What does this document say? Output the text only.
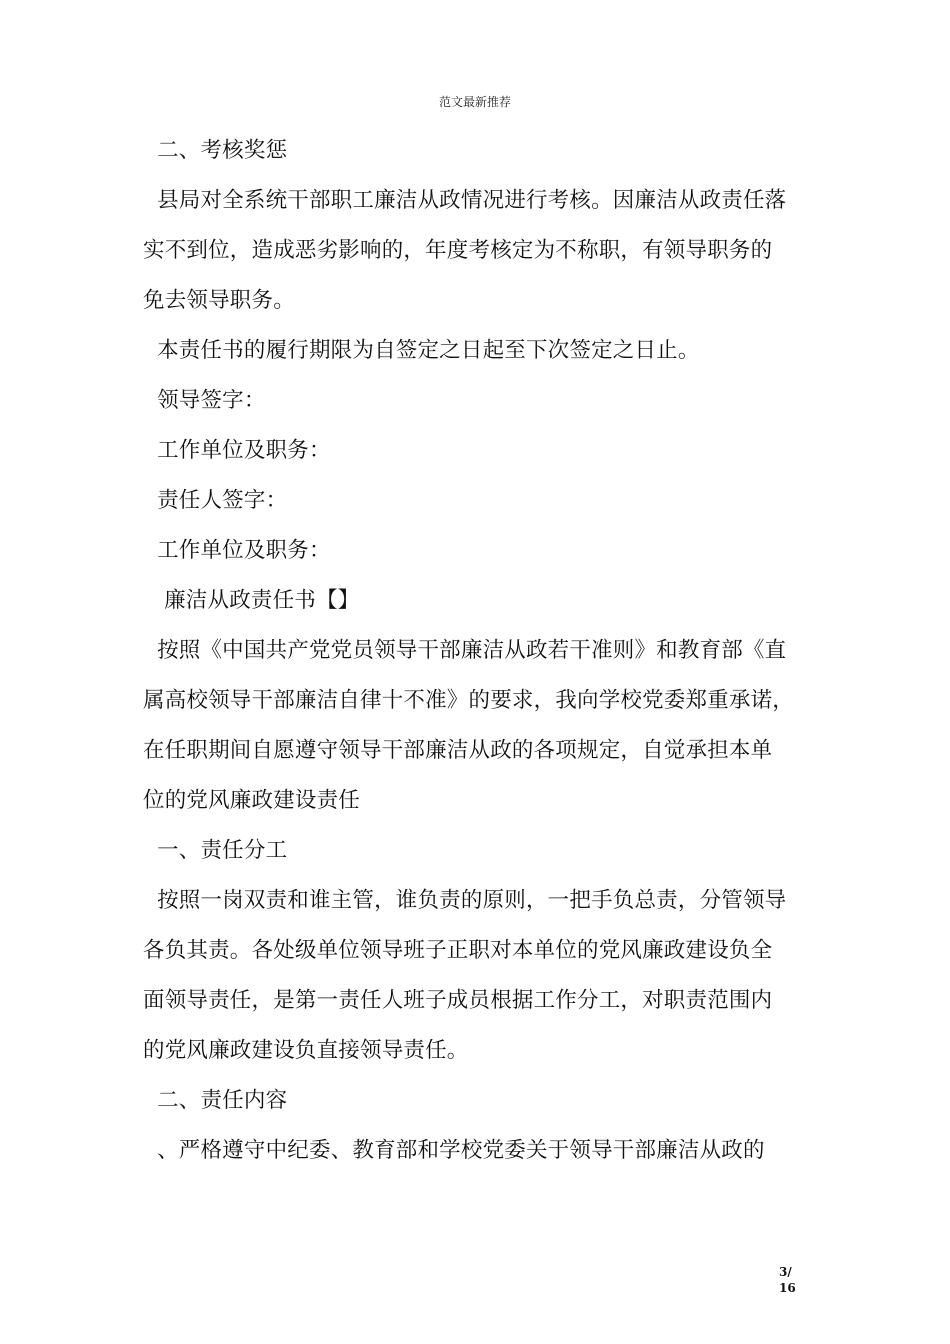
范文最新推荐
二、考核奖惩
县局对全系统干部职工廉洁从政情况进行考核。因廉洁从政责任落
实不到位，造成恶劣影响的，年度考核定为不称职，有领导职务的
免去领导职务。
本责任书的履行期限为自签定之日起至下次签定之日止。
领导签字：
工作单位及职务：
责任人签字：
工作单位及职务：
廉洁从政责任书【】
按照《中国共产党党员领导干部廉洁从政若干准则》和教育部《直
属高校领导干部廉洁自律十不准》的要求，我向学校党委郑重承诺，
在任职期间自愿遵守领导干部廉洁从政的各项规定，自觉承担本单
位的党风廉政建设责任
一、责任分工
按照一岗双责和谁主管，谁负责的原则，一把手负总责，分管领导
各负其责。各处级单位领导班子正职对本单位的党风廉政建设负全
面领导责任，是第一责任人班子成员根据工作分工，对职责范围内
的党风廉政建设负直接领导责任。
二、责任内容
、严格遵守中纪委、教育部和学校党委关于领导干部廉洁从政的
3/16
